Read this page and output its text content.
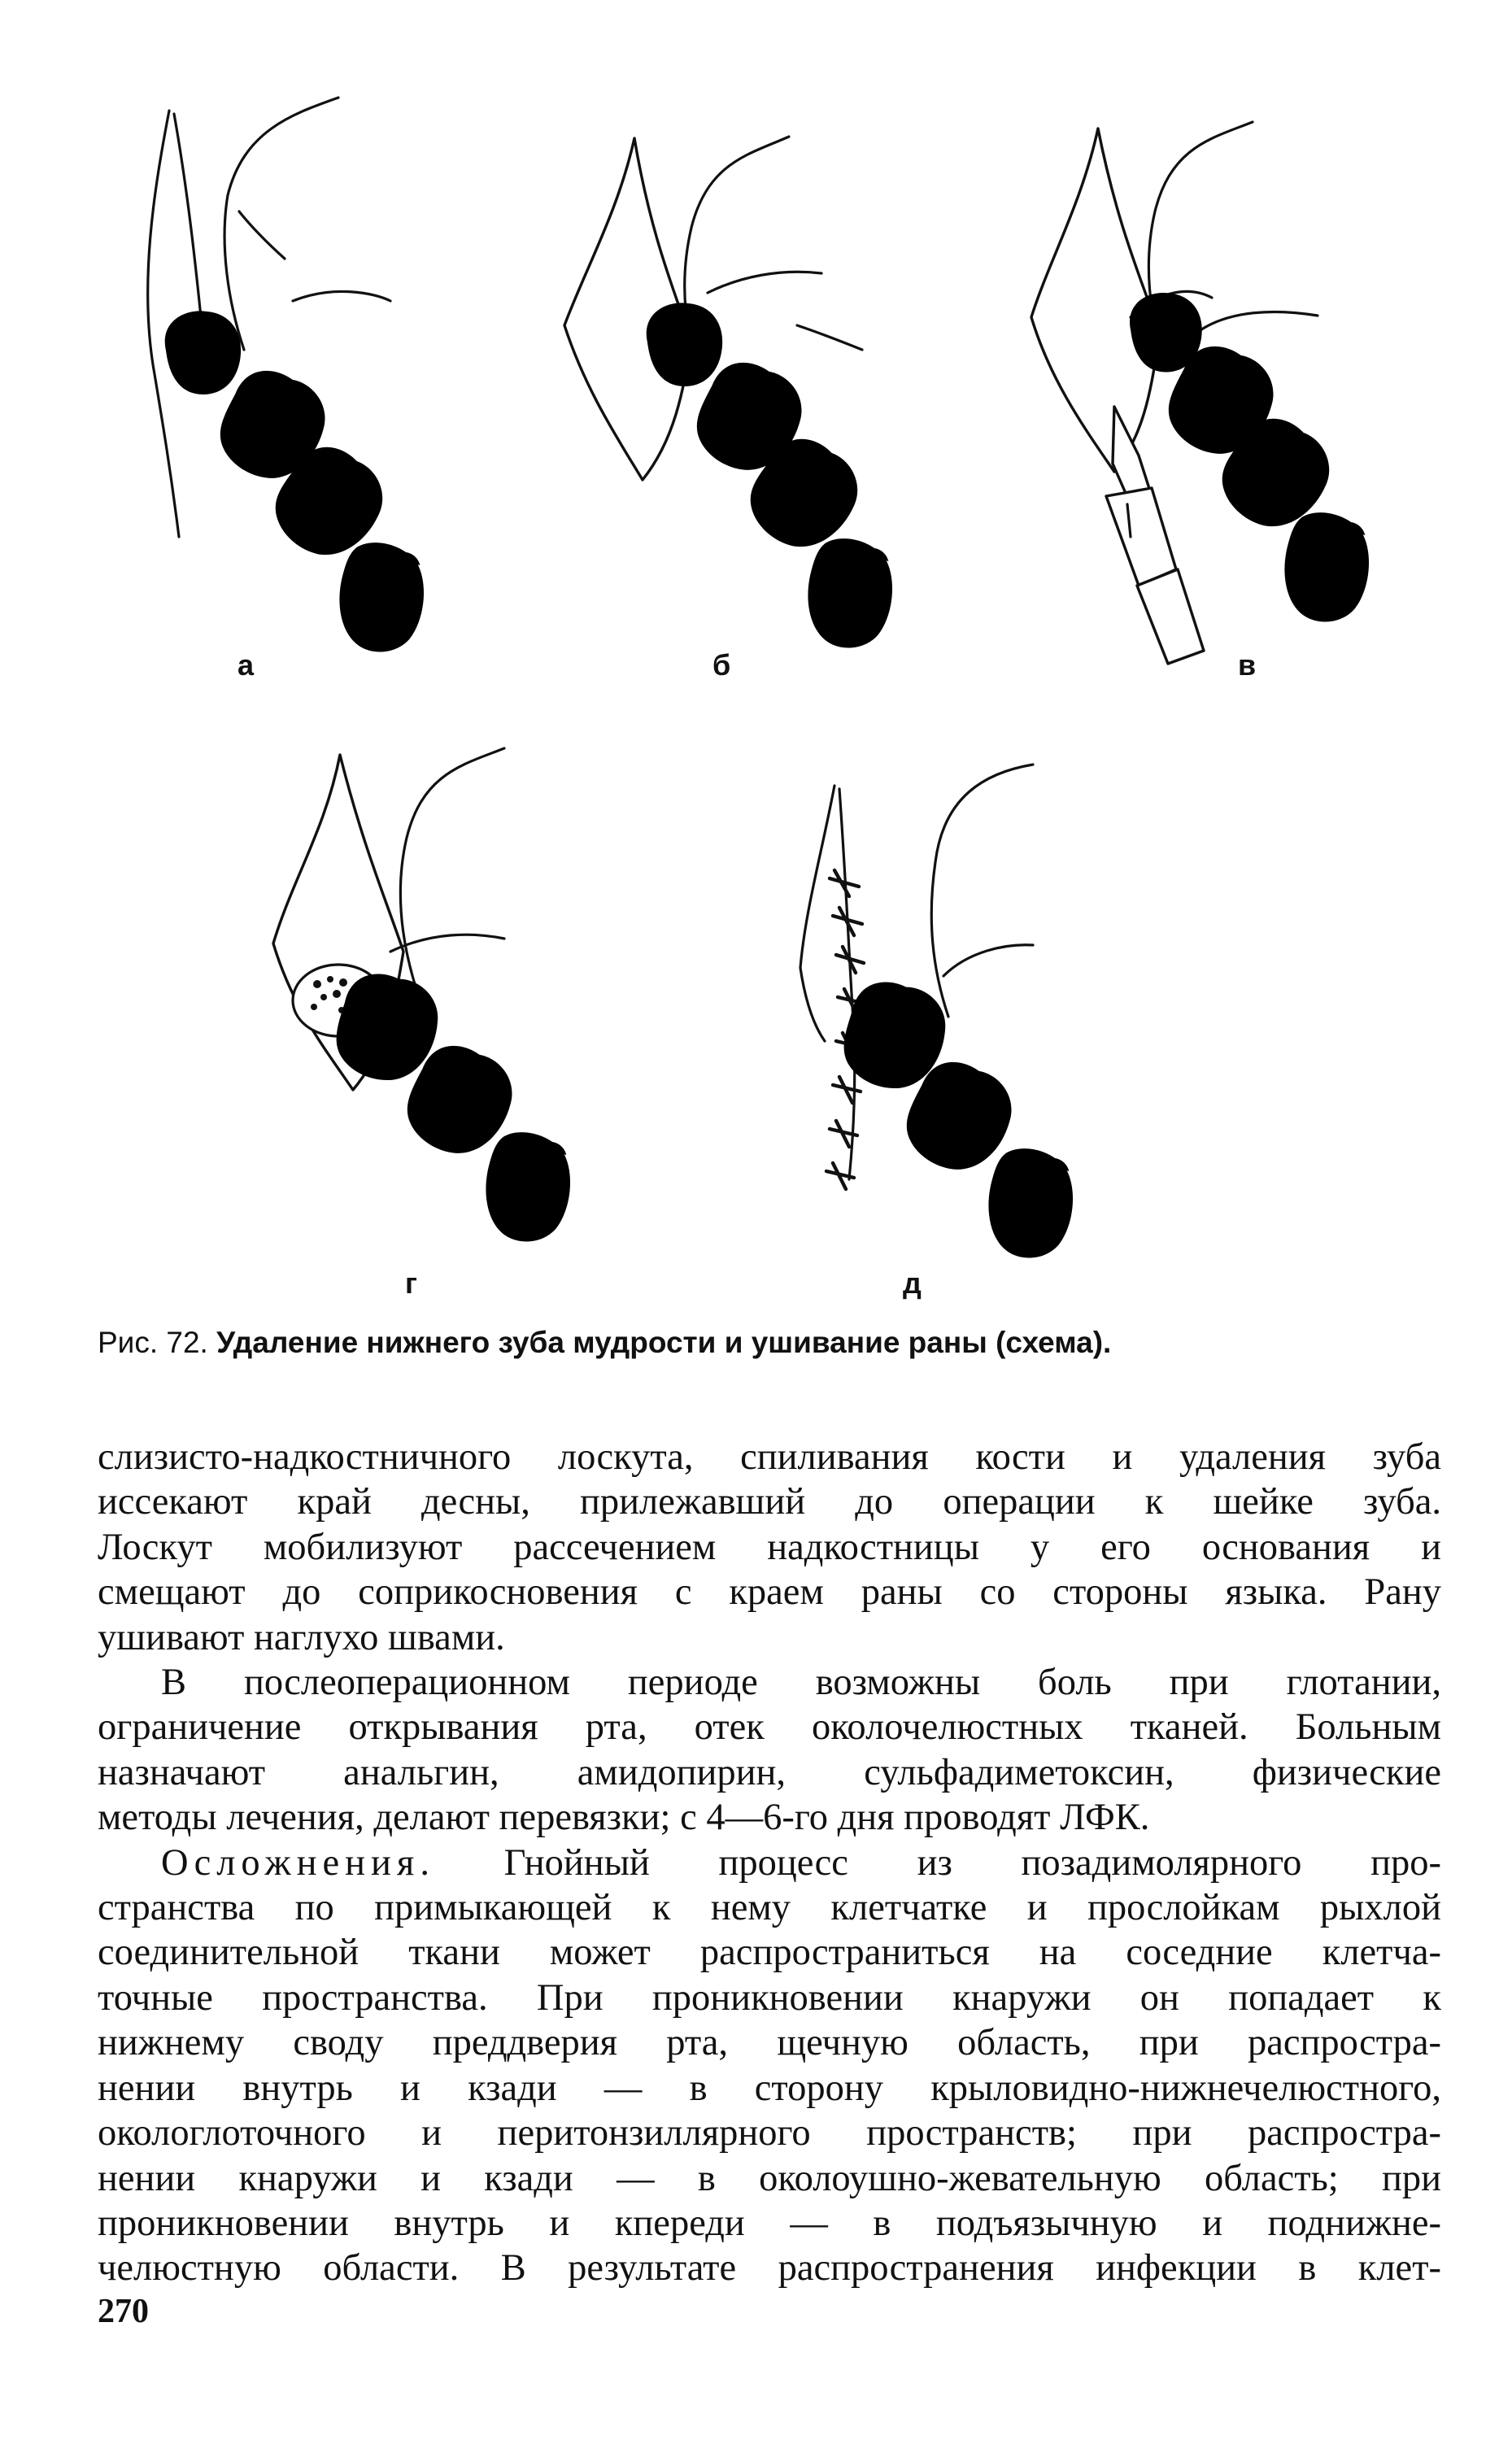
а	б	в
г	д
Рис. 72. Удаление нижнего зуба мудрости и ушивание раны (схема).

слизисто-надкостничного лоскута, спиливания кости и удаления зуба
иссекают край десны, прилежавший до операции к шейке зуба.
Лоскут мобилизуют рассечением надкостницы у его основания и
смещают до соприкосновения с краем раны со стороны языка. Рану
ушивают наглухо швами.

В послеоперационном периоде возможны боль при глотании,
ограничение открывания рта, отек околочелюстных тканей. Больным
назначают анальгин, амидопирин, сульфадиметоксин, физические
методы лечения, делают перевязки; с 4—6-го дня проводят ЛФК.

Осложнения. Гнойный процесс из позадимолярного про-
странства по примыкающей к нему клетчатке и прослойкам рыхлой
соединительной ткани может распространиться на соседние клетча-
точные пространства. При проникновении кнаружи он попадает к
нижнему своду преддверия рта, щечную область, при распростра-
нении внутрь и кзади — в сторону крыловидно-нижнечелюстного,
окологлоточного и перитонзиллярного пространств; при распростра-
нении кнаружи и кзади — в околоушно-жевательную область; при
проникновении внутрь и кпереди — в подъязычную и поднижне-
челюстную области. В результате распространения инфекции в клет-

270
